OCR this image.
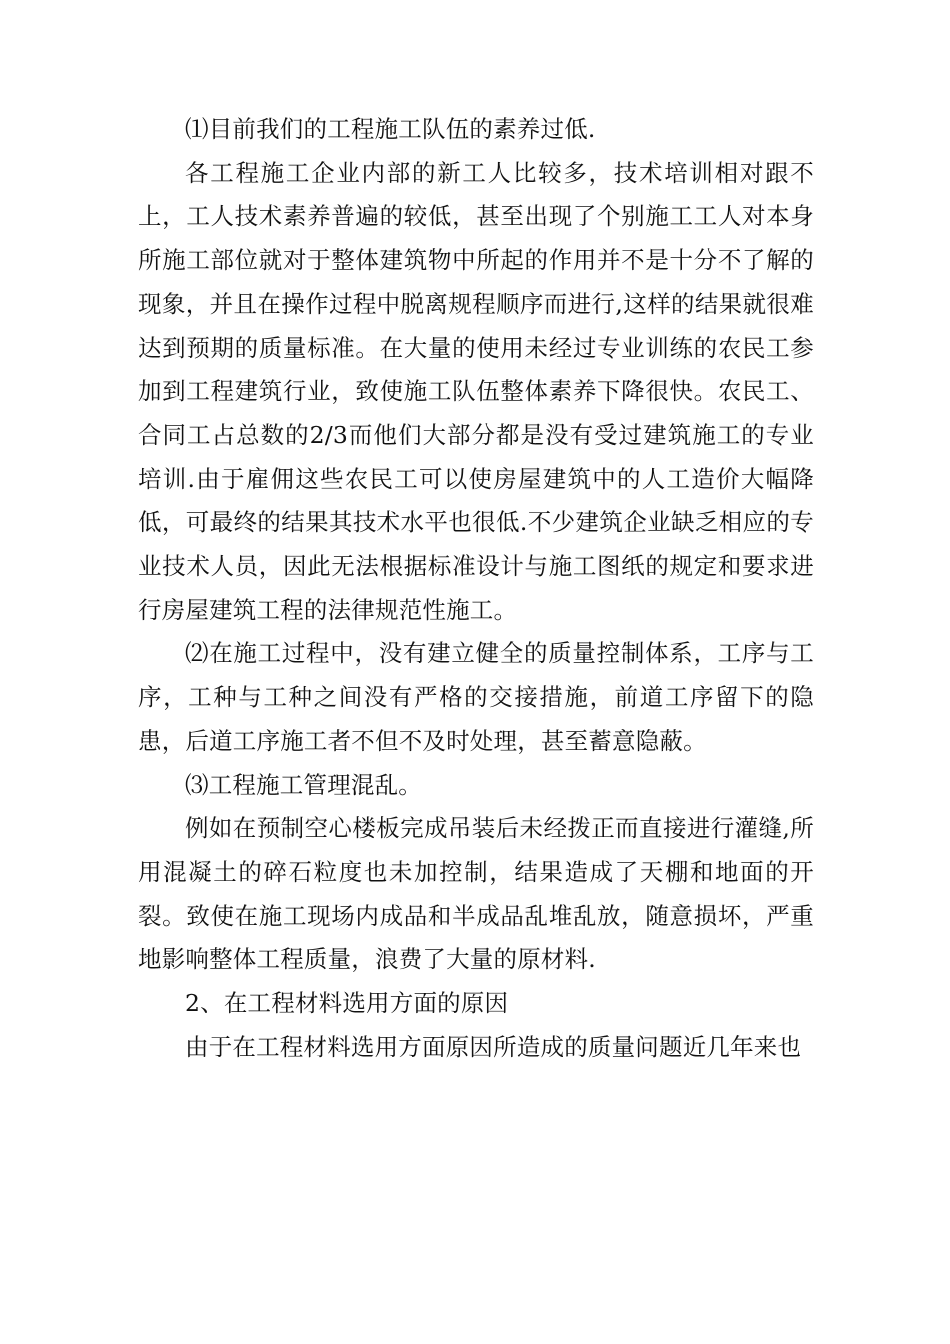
⑴目前我们的工程施工队伍的素养过低.

各工程施工企业内部的新工人比较多，技术培训相对跟不上，工人技术素养普遍的较低，甚至出现了个别施工工人对本身所施工部位就对于整体建筑物中所起的作用并不是十分不了解的现象，并且在操作过程中脱离规程顺序而进行,这样的结果就很难达到预期的质量标准。在大量的使用未经过专业训练的农民工参加到工程建筑行业，致使施工队伍整体素养下降很快。农民工、合同工占总数的2/3而他们大部分都是没有受过建筑施工的专业培训.由于雇佣这些农民工可以使房屋建筑中的人工造价大幅降低，可最终的结果其技术水平也很低.不少建筑企业缺乏相应的专业技术人员，因此无法根据标准设计与施工图纸的规定和要求进行房屋建筑工程的法律规范性施工。

⑵在施工过程中，没有建立健全的质量控制体系，工序与工序，工种与工种之间没有严格的交接措施，前道工序留下的隐患，后道工序施工者不但不及时处理，甚至蓄意隐蔽。

⑶工程施工管理混乱。

例如在预制空心楼板完成吊装后未经拨正而直接进行灌缝,所用混凝土的碎石粒度也未加控制，结果造成了天棚和地面的开裂。致使在施工现场内成品和半成品乱堆乱放，随意损坏，严重地影响整体工程质量，浪费了大量的原材料.

2、在工程材料选用方面的原因

由于在工程材料选用方面原因所造成的质量问题近几年来也
